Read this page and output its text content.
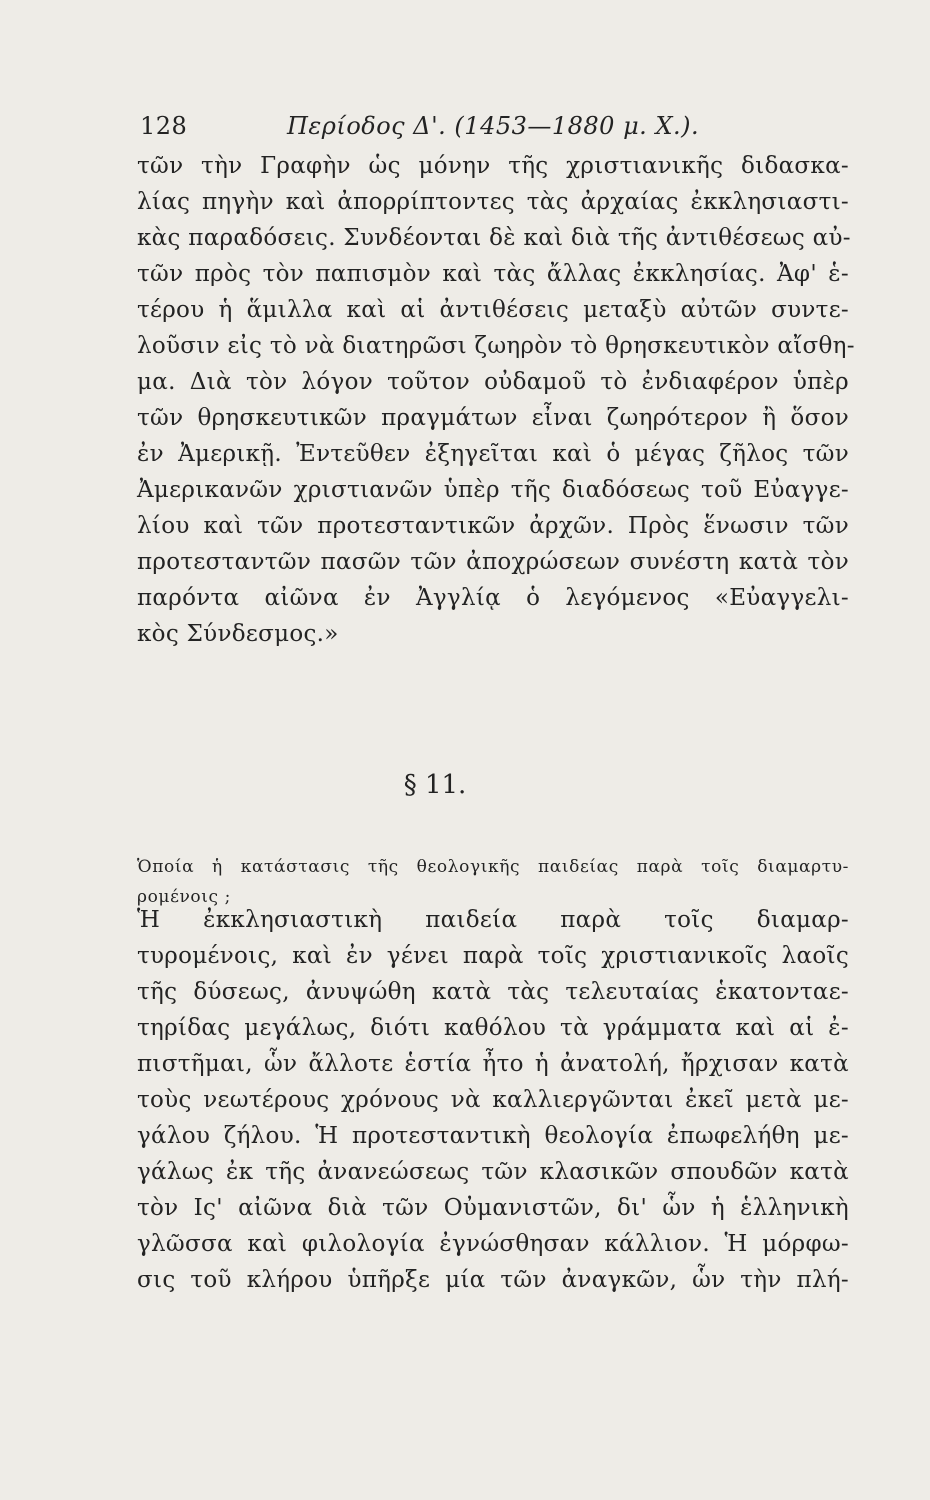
128	Περίοδος Δ'. (1453—1880 μ. Χ.).
τῶν τὴν Γραφὴν ὡς μόνην τῆς χριστιανικῆς διδασκα-
λίας πηγὴν καὶ ἀπορρίπτοντες τὰς ἀρχαίας ἐκκλησιαστι-
κὰς παραδόσεις. Συνδέονται δὲ καὶ διὰ τῆς ἀντιθέσεως αὐ-
τῶν πρὸς τὸν παπισμὸν καὶ τὰς ἄλλας ἐκκλησίας. Ἀφ' ἑ-
τέρου ἡ ἅμιλλα καὶ αἱ ἀντιθέσεις μεταξὺ αὐτῶν συντε-
λοῦσιν εἰς τὸ νὰ διατηρῶσι ζωηρὸν τὸ θρησκευτικὸν αἴσθη-
μα. Διὰ τὸν λόγον τοῦτον οὐδαμοῦ τὸ ἐνδιαφέρον ὑπὲρ
τῶν θρησκευτικῶν πραγμάτων εἶναι ζωηρότερον ἢ ὅσον
ἐν Ἀμερικῇ. Ἐντεῦθεν ἐξηγεῖται καὶ ὁ μέγας ζῆλος τῶν
Ἀμερικανῶν χριστιανῶν ὑπὲρ τῆς διαδόσεως τοῦ Εὐαγγε-
λίου καὶ τῶν προτεσταντικῶν ἀρχῶν. Πρὸς ἕνωσιν τῶν
προτεσταντῶν πασῶν τῶν ἀποχρώσεων συνέστη κατὰ τὸν
παρόντα αἰῶνα ἐν Ἀγγλίᾳ ὁ λεγόμενος «Εὐαγγελι-
κὸς Σύνδεσμος.»
§ 11.
Ὁποία ἡ κατάστασις τῆς θεολογικῆς παιδείας παρὰ τοῖς διαμαρτυ-
ρομένοις ;
Ἡ ἐκκλησιαστικὴ παιδεία παρὰ τοῖς διαμαρ-
τυρομένοις, καὶ ἐν γένει παρὰ τοῖς χριστιανικοῖς λαοῖς
τῆς δύσεως, ἀνυψώθη κατὰ τὰς τελευταίας ἑκατονταε-
τηρίδας μεγάλως, διότι καθόλου τὰ γράμματα καὶ αἱ ἐ-
πιστῆμαι, ὧν ἄλλοτε ἑστία ἦτο ἡ ἀνατολή, ἤρχισαν κατὰ
τοὺς νεωτέρους χρόνους νὰ καλλιεργῶνται ἐκεῖ μετὰ με-
γάλου ζήλου. Ἡ προτεσταντικὴ θεολογία ἐπωφελήθη με-
γάλως ἐκ τῆς ἀνανεώσεως τῶν κλασικῶν σπουδῶν κατὰ
τὸν Ις' αἰῶνα διὰ τῶν Οὐμανιστῶν, δι' ὧν ἡ ἑλληνικὴ
γλῶσσα καὶ φιλολογία ἐγνώσθησαν κάλλιον. Ἡ μόρφω-
σις τοῦ κλήρου ὑπῆρξε μία τῶν ἀναγκῶν, ὧν τὴν πλή-
